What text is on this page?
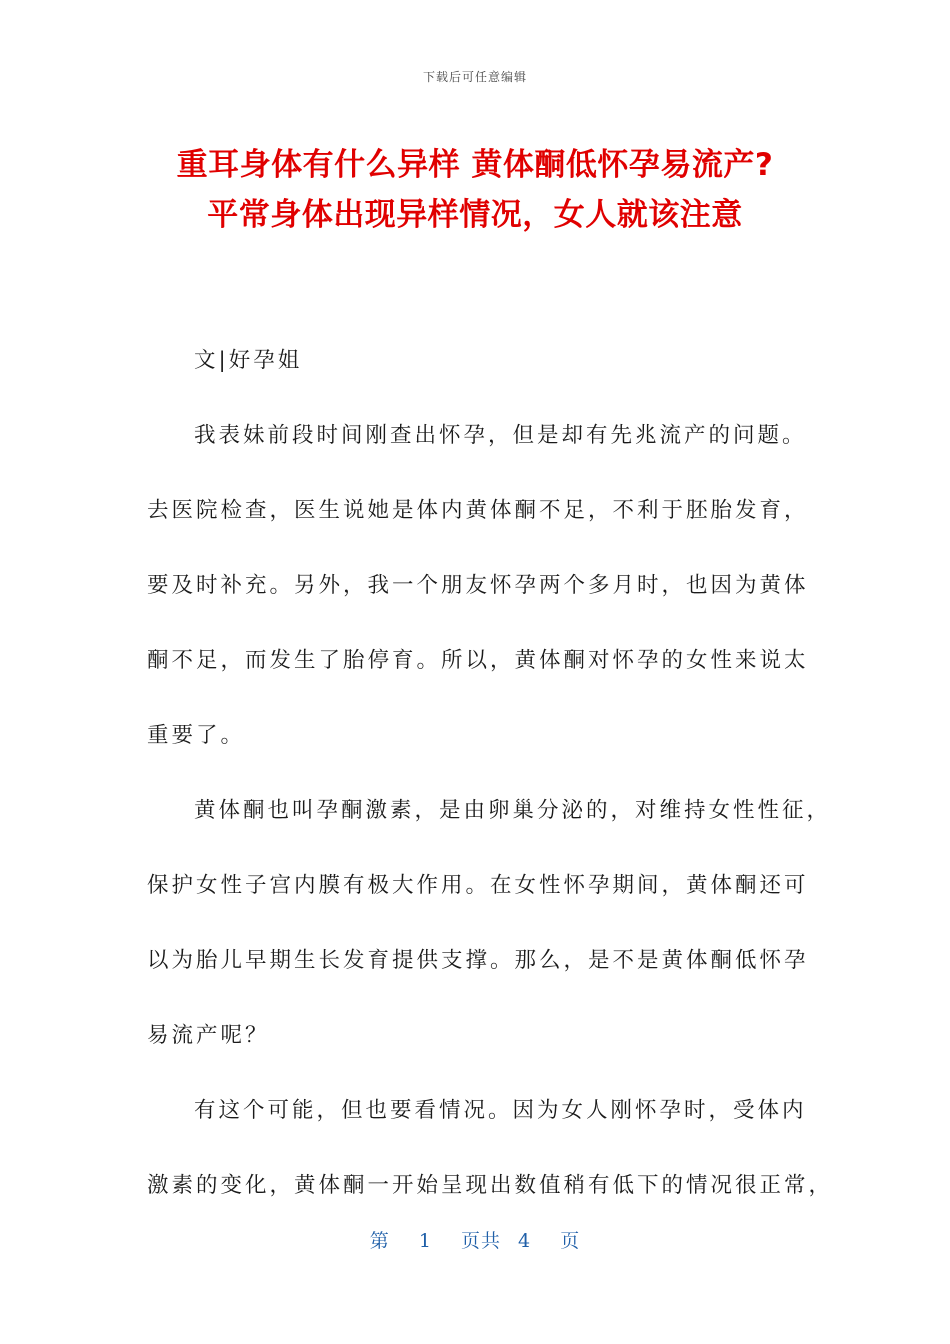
下载后可任意编辑
重耳身体有什么异样 黄体酮低怀孕易流产?
平常身体出现异样情况，女人就该注意

文|好孕姐

我表妹前段时间刚查出怀孕，但是却有先兆流产的问题。
去医院检查，医生说她是体内黄体酮不足，不利于胚胎发育，
要及时补充。另外，我一个朋友怀孕两个多月时，也因为黄体
酮不足，而发生了胎停育。所以，黄体酮对怀孕的女性来说太
重要了。

黄体酮也叫孕酮激素，是由卵巢分泌的，对维持女性性征，
保护女性子宫内膜有极大作用。在女性怀孕期间，黄体酮还可
以为胎儿早期生长发育提供支撑。那么，是不是黄体酮低怀孕
易流产呢？

有这个可能，但也要看情况。因为女人刚怀孕时，受体内
激素的变化，黄体酮一开始呈现出数值稍有低下的情况很正常，

第 1 页共 4 页
